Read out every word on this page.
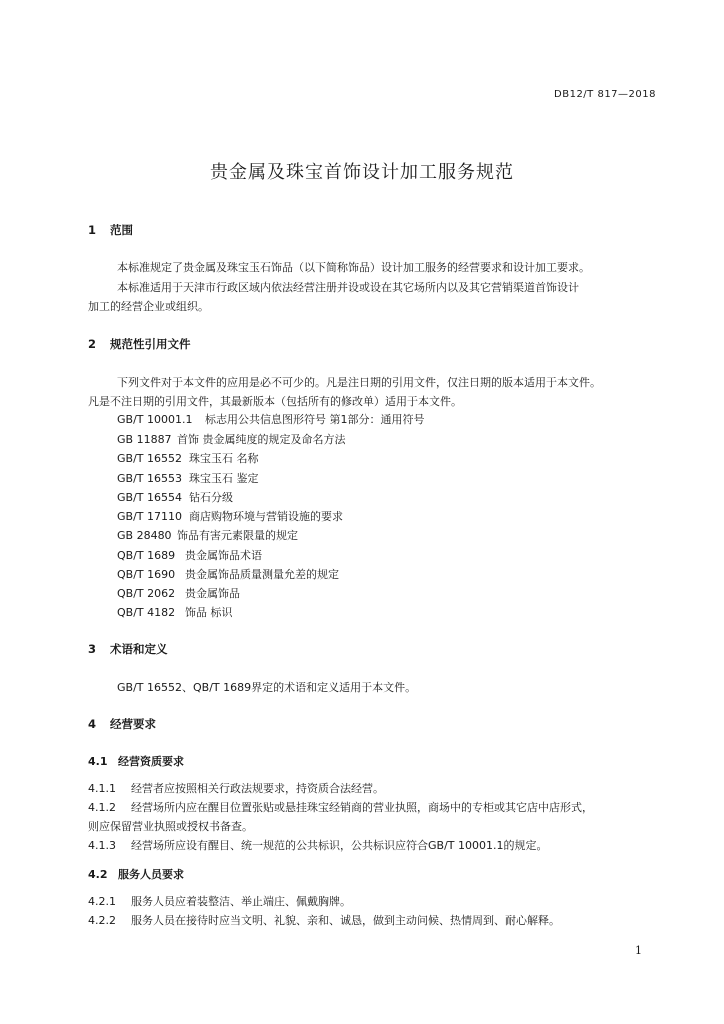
DB12/T 817—2018
贵金属及珠宝首饰设计加工服务规范
1 范围
本标准规定了贵金属及珠宝玉石饰品（以下简称饰品）设计加工服务的经营要求和设计加工要求。
本标准适用于天津市行政区域内依法经营注册并设或设在其它场所内以及其它营销渠道首饰设计
加工的经营企业或组织。
2 规范性引用文件
下列文件对于本文件的应用是必不可少的。凡是注日期的引用文件，仅注日期的版本适用于本文件。
凡是不注日期的引用文件，其最新版本（包括所有的修改单）适用于本文件。
GB/T 10001.1 标志用公共信息图形符号 第1部分：通用符号
GB 11887 首饰 贵金属纯度的规定及命名方法
GB/T 16552 珠宝玉石 名称
GB/T 16553 珠宝玉石 鉴定
GB/T 16554 钻石分级
GB/T 17110 商店购物环境与营销设施的要求
GB 28480 饰品有害元素限量的规定
QB/T 1689 贵金属饰品术语
QB/T 1690 贵金属饰品质量测量允差的规定
QB/T 2062 贵金属饰品
QB/T 4182 饰品 标识
3 术语和定义
GB/T 16552、QB/T 1689界定的术语和定义适用于本文件。
4 经营要求
4.1 经营资质要求
4.1.1 经营者应按照相关行政法规要求，持资质合法经营。
4.1.2 经营场所内应在醒目位置张贴或悬挂珠宝经销商的营业执照，商场中的专柜或其它店中店形式，
则应保留营业执照或授权书备查。
4.1.3 经营场所应设有醒目、统一规范的公共标识，公共标识应符合GB/T 10001.1的规定。
4.2 服务人员要求
4.2.1 服务人员应着装整洁、举止端庄、佩戴胸牌。
4.2.2 服务人员在接待时应当文明、礼貌、亲和、诚恳，做到主动问候、热情周到、耐心解释。
1
